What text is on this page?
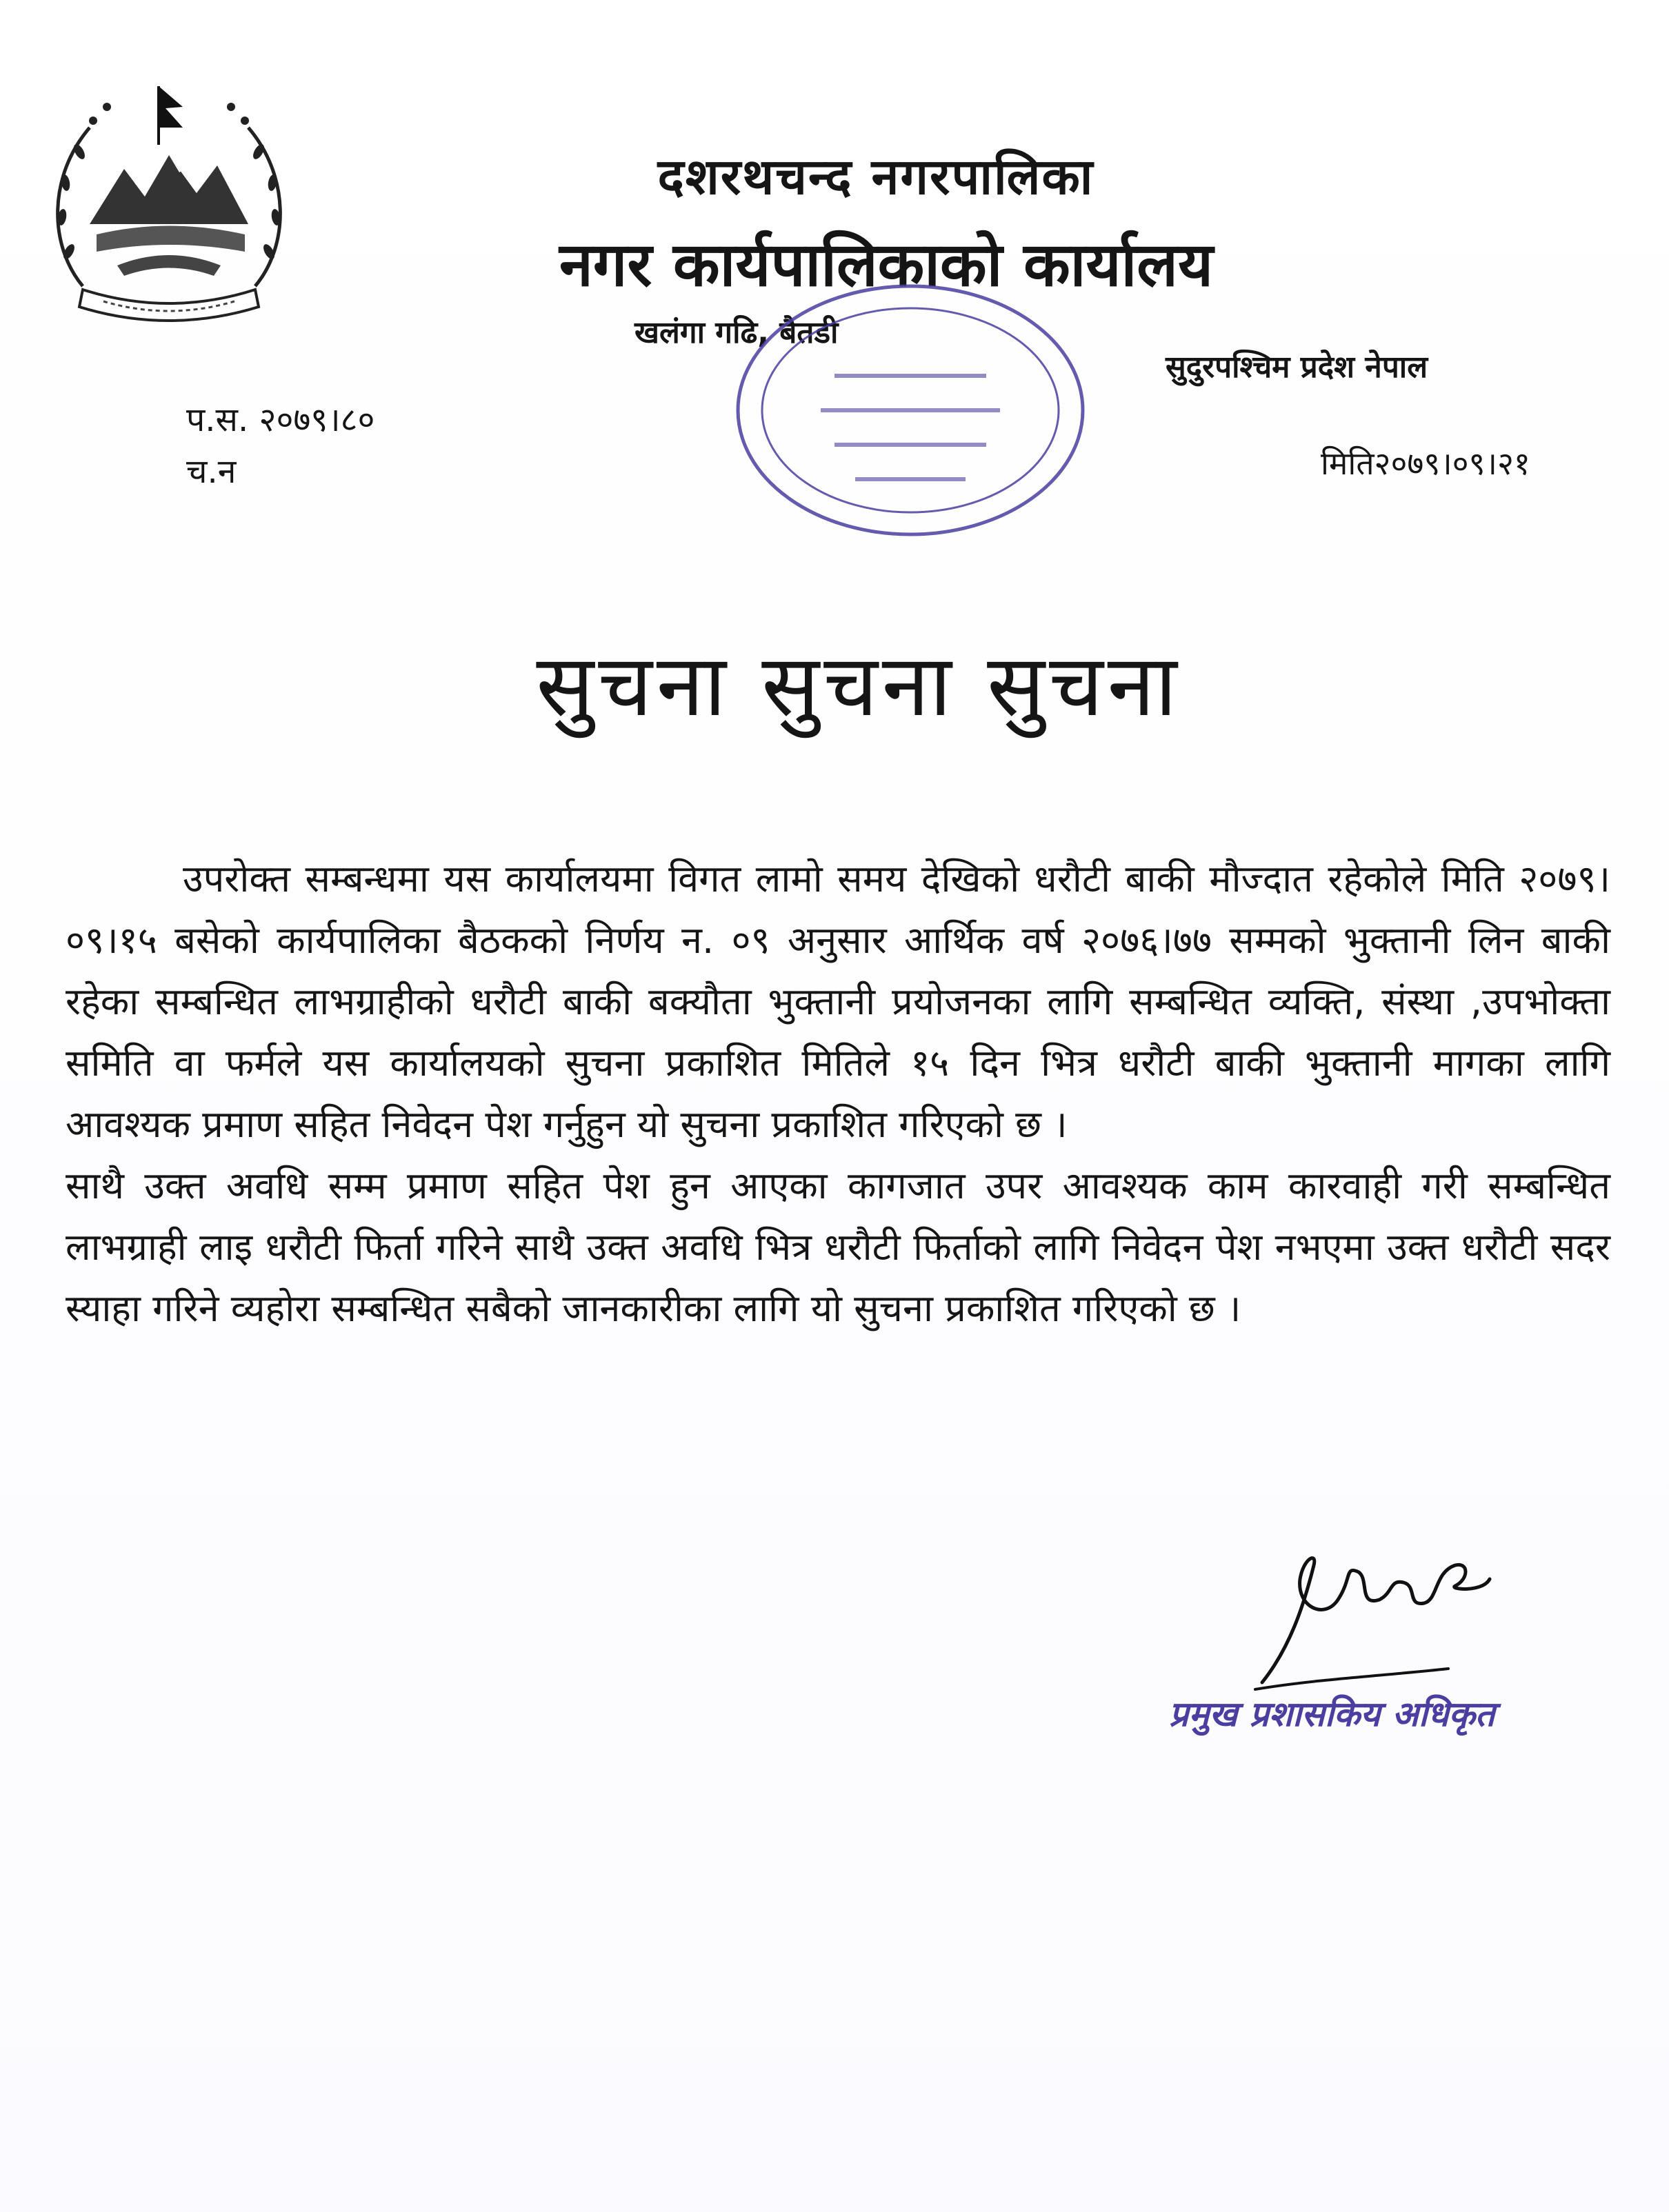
दशरथचन्द नगरपालिका
नगर कार्यपालिकाको कार्यालय
खलंगा गढि, बैतडी
सुदुरपश्चिम प्रदेश नेपाल
प.स. २०७९।८०
च.न	मिति२०७९।०९।२१
सुचना सुचना सुचना

उपरोक्त सम्बन्धमा यस कार्यालयमा विगत लामो समय देखिको धरौटी बाकी मौज्दात रहेकोले मिति २०७९।०९।१५ बसेको कार्यपालिका बैठकको निर्णय न. ०९ अनुसार आर्थिक वर्ष २०७६।७७ सम्मको भुक्तानी लिन बाकी रहेका सम्बन्धित लाभग्राहीको धरौटी बाकी बक्यौता भुक्तानी प्रयोजनका लागि सम्बन्धित व्यक्ति, संस्था ,उपभोक्ता समिति वा फर्मले यस कार्यालयको सुचना प्रकाशित मितिले १५ दिन भित्र धरौटी बाकी भुक्तानी मागका लागि आवश्यक प्रमाण सहित निवेदन पेश गर्नुहुन यो सुचना प्रकाशित गरिएको छ ।

साथै उक्त अवधि सम्म प्रमाण सहित पेश हुन आएका कागजात उपर आवश्यक काम कारवाही गरी सम्बन्धित लाभग्राही लाइ धरौटी फिर्ता गरिने साथै उक्त अवधि भित्र धरौटी फिर्ताको लागि निवेदन पेश नभएमा उक्त धरौटी सदर स्याहा गरिने व्यहोरा सम्बन्धित सबैको जानकारीका लागि यो सुचना प्रकाशित गरिएको छ ।

प्रमुख प्रशासकिय अधिकृत
